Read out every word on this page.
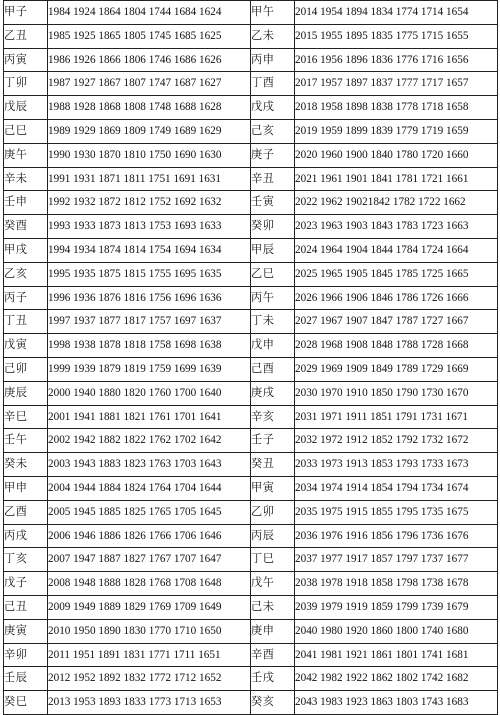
甲子	1984 1924 1864 1804 1744 1684 1624	甲午	2014 1954 1894 1834 1774 1714 1654
乙丑	1985 1925 1865 1805 1745 1685 1625	乙未	2015 1955 1895 1835 1775 1715 1655
丙寅	1986 1926 1866 1806 1746 1686 1626	丙申	2016 1956 1896 1836 1776 1716 1656
丁卯	1987 1927 1867 1807 1747 1687 1627	丁酉	2017 1957 1897 1837 1777 1717 1657
戊辰	1988 1928 1868 1808 1748 1688 1628	戊戌	2018 1958 1898 1838 1778 1718 1658
己巳	1989 1929 1869 1809 1749 1689 1629	己亥	2019 1959 1899 1839 1779 1719 1659
庚午	1990 1930 1870 1810 1750 1690 1630	庚子	2020 1960 1900 1840 1780 1720 1660
辛未	1991 1931 1871 1811 1751 1691 1631	辛丑	2021 1961 1901 1841 1781 1721 1661
壬申	1992 1932 1872 1812 1752 1692 1632	壬寅	2022 1962 19021842 1782 1722 1662
癸酉	1993 1933 1873 1813 1753 1693 1633	癸卯	2023 1963 1903 1843 1783 1723 1663
甲戌	1994 1934 1874 1814 1754 1694 1634	甲辰	2024 1964 1904 1844 1784 1724 1664
乙亥	1995 1935 1875 1815 1755 1695 1635	乙巳	2025 1965 1905 1845 1785 1725 1665
丙子	1996 1936 1876 1816 1756 1696 1636	丙午	2026 1966 1906 1846 1786 1726 1666
丁丑	1997 1937 1877 1817 1757 1697 1637	丁未	2027 1967 1907 1847 1787 1727 1667
戊寅	1998 1938 1878 1818 1758 1698 1638	戊申	2028 1968 1908 1848 1788 1728 1668
己卯	1999 1939 1879 1819 1759 1699 1639	己酉	2029 1969 1909 1849 1789 1729 1669
庚辰	2000 1940 1880 1820 1760 1700 1640	庚戌	2030 1970 1910 1850 1790 1730 1670
辛巳	2001 1941 1881 1821 1761 1701 1641	辛亥	2031 1971 1911 1851 1791 1731 1671
壬午	2002 1942 1882 1822 1762 1702 1642	壬子	2032 1972 1912 1852 1792 1732 1672
癸未	2003 1943 1883 1823 1763 1703 1643	癸丑	2033 1973 1913 1853 1793 1733 1673
甲申	2004 1944 1884 1824 1764 1704 1644	甲寅	2034 1974 1914 1854 1794 1734 1674
乙酉	2005 1945 1885 1825 1765 1705 1645	乙卯	2035 1975 1915 1855 1795 1735 1675
丙戌	2006 1946 1886 1826 1766 1706 1646	丙辰	2036 1976 1916 1856 1796 1736 1676
丁亥	2007 1947 1887 1827 1767 1707 1647	丁巳	2037 1977 1917 1857 1797 1737 1677
戊子	2008 1948 1888 1828 1768 1708 1648	戊午	2038 1978 1918 1858 1798 1738 1678
己丑	2009 1949 1889 1829 1769 1709 1649	己未	2039 1979 1919 1859 1799 1739 1679
庚寅	2010 1950 1890 1830 1770 1710 1650	庚申	2040 1980 1920 1860 1800 1740 1680
辛卯	2011 1951 1891 1831 1771 1711 1651	辛酉	2041 1981 1921 1861 1801 1741 1681
壬辰	2012 1952 1892 1832 1772 1712 1652	壬戌	2042 1982 1922 1862 1802 1742 1682
癸巳	2013 1953 1893 1833 1773 1713 1653	癸亥	2043 1983 1923 1863 1803 1743 1683
